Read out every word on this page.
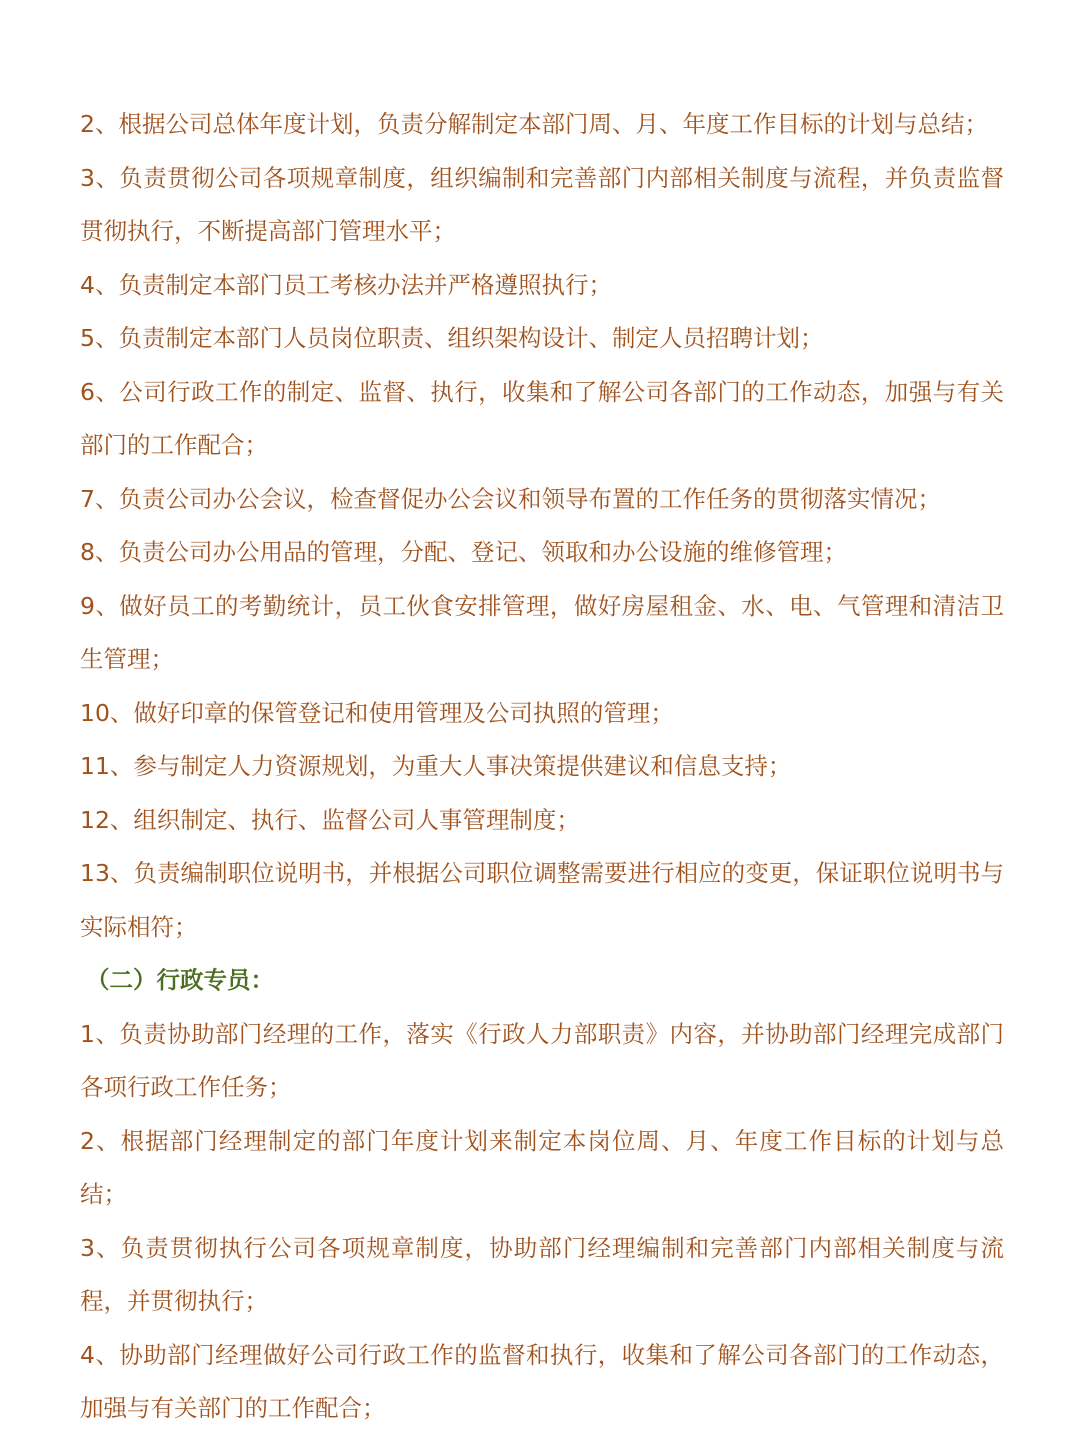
2、根据公司总体年度计划，负责分解制定本部门周、月、年度工作目标的计划与总结；

3、负责贯彻公司各项规章制度，组织编制和完善部门内部相关制度与流程，并负责监督贯彻执行，不断提高部门管理水平；

4、负责制定本部门员工考核办法并严格遵照执行；

5、负责制定本部门人员岗位职责、组织架构设计、制定人员招聘计划；

6、公司行政工作的制定、监督、执行，收集和了解公司各部门的工作动态，加强与有关部门的工作配合；

7、负责公司办公会议，检查督促办公会议和领导布置的工作任务的贯彻落实情况；

8、负责公司办公用品的管理，分配、登记、领取和办公设施的维修管理；

9、做好员工的考勤统计，员工伙食安排管理，做好房屋租金、水、电、气管理和清洁卫生管理；

10、做好印章的保管登记和使用管理及公司执照的管理；

11、参与制定人力资源规划，为重大人事决策提供建议和信息支持；

12、组织制定、执行、监督公司人事管理制度；

13、负责编制职位说明书，并根据公司职位调整需要进行相应的变更，保证职位说明书与实际相符；

（二）行政专员：

1、负责协助部门经理的工作，落实《行政人力部职责》内容，并协助部门经理完成部门各项行政工作任务；

2、根据部门经理制定的部门年度计划来制定本岗位周、月、年度工作目标的计划与总结；

3、负责贯彻执行公司各项规章制度，协助部门经理编制和完善部门内部相关制度与流程，并贯彻执行；

4、协助部门经理做好公司行政工作的监督和执行，收集和了解公司各部门的工作动态，加强与有关部门的工作配合；
